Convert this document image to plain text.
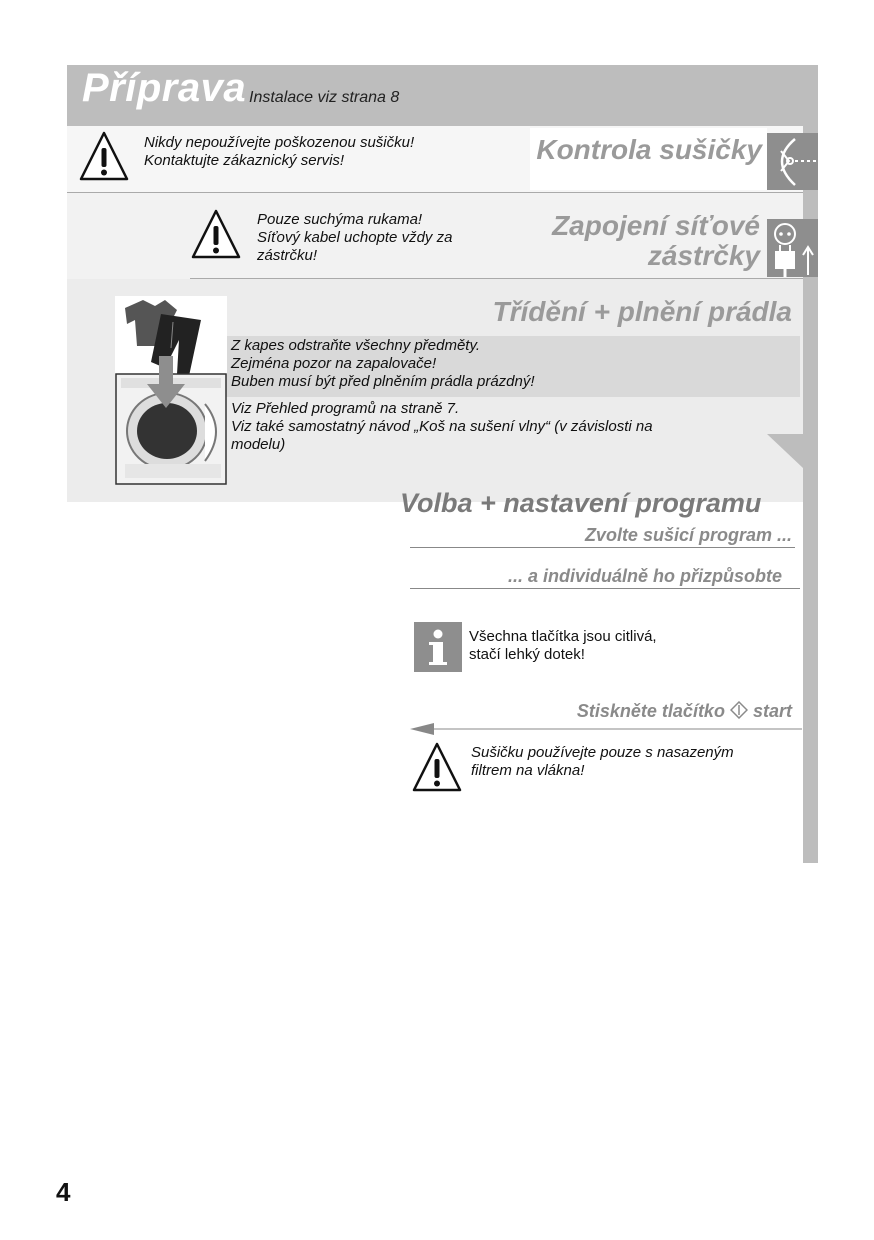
Příprava Instalace viz strana 8
Nikdy nepoužívejte poškozenou sušičku!
Kontaktujte zákaznický servis!	Kontrola sušičky
Pouze suchýma rukama!
Síťový kabel uchopte vždy za
zástrčku!
Zapojení síťové
zástrčky
Třídění + plnění prádla
Z kapes odstraňte všechny předměty.
Zejména pozor na zapalovače!
Buben musí být před plněním prádla prázdný!
Viz Přehled programů na straně 7.
Viz také samostatný návod „Koš na sušení vlny“ (v závislosti na
modelu)
Volba + nastavení programu
Zvolte sušicí program ...
... a individuálně ho přizpůsobte
Všechna tlačítka jsou citlivá,
stačí lehký dotek!
Stiskněte tlačítko start
Sušičku používejte pouze s nasazeným
filtrem na vlákna!
4
